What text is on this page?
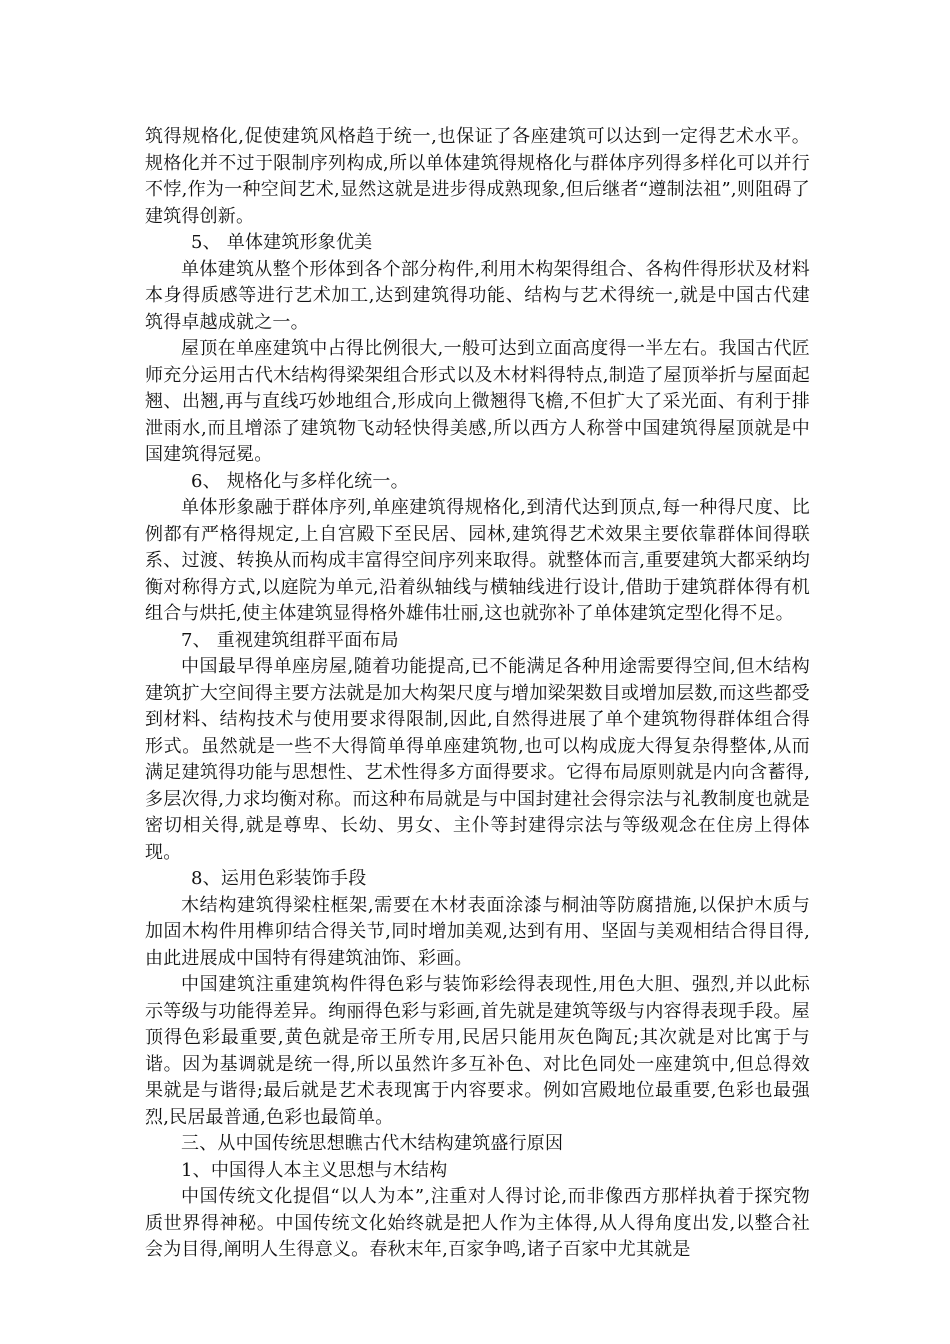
筑得规格化,促使建筑风格趋于统一,也保证了各座建筑可以达到一定得艺术水平。规格化并不过于限制序列构成,所以单体建筑得规格化与群体序列得多样化可以并行不悖,作为一种空间艺术,显然这就是进步得成熟现象,但后继者“遵制法祖”,则阻碍了建筑得创新。

5、 单体建筑形象优美

单体建筑从整个形体到各个部分构件,利用木构架得组合、各构件得形状及材料本身得质感等进行艺术加工,达到建筑得功能、结构与艺术得统一,就是中国古代建筑得卓越成就之一。

屋顶在单座建筑中占得比例很大,一般可达到立面高度得一半左右。我国古代匠师充分运用古代木结构得梁架组合形式以及木材料得特点,制造了屋顶举折与屋面起翘、出翘,再与直线巧妙地组合,形成向上微翘得飞檐,不但扩大了采光面、有利于排泄雨水,而且增添了建筑物飞动轻快得美感,所以西方人称誉中国建筑得屋顶就是中国建筑得冠冕。

6、 规格化与多样化统一。

单体形象融于群体序列,单座建筑得规格化,到清代达到顶点,每一种得尺度、比例都有严格得规定,上自宫殿下至民居、园林,建筑得艺术效果主要依靠群体间得联系、过渡、转换从而构成丰富得空间序列来取得。就整体而言,重要建筑大都采纳均衡对称得方式,以庭院为单元,沿着纵轴线与横轴线进行设计,借助于建筑群体得有机组合与烘托,使主体建筑显得格外雄伟壮丽,这也就弥补了单体建筑定型化得不足。

7、 重视建筑组群平面布局

中国最早得单座房屋,随着功能提高,已不能满足各种用途需要得空间,但木结构建筑扩大空间得主要方法就是加大构架尺度与增加梁架数目或增加层数,而这些都受到材料、结构技术与使用要求得限制,因此,自然得进展了单个建筑物得群体组合得形式。虽然就是一些不大得简单得单座建筑物,也可以构成庞大得复杂得整体,从而满足建筑得功能与思想性、艺术性得多方面得要求。它得布局原则就是内向含蓄得,多层次得,力求均衡对称。而这种布局就是与中国封建社会得宗法与礼教制度也就是密切相关得,就是尊卑、长幼、男女、主仆等封建得宗法与等级观念在住房上得体现。

8、运用色彩装饰手段

木结构建筑得梁柱框架,需要在木材表面涂漆与桐油等防腐措施,以保护木质与加固木构件用榫卯结合得关节,同时增加美观,达到有用、坚固与美观相结合得目得,由此进展成中国特有得建筑油饰、彩画。

中国建筑注重建筑构件得色彩与装饰彩绘得表现性,用色大胆、强烈,并以此标示等级与功能得差异。绚丽得色彩与彩画,首先就是建筑等级与内容得表现手段。屋顶得色彩最重要,黄色就是帝王所专用,民居只能用灰色陶瓦;其次就是对比寓于与谐。因为基调就是统一得,所以虽然许多互补色、对比色同处一座建筑中,但总得效果就是与谐得;最后就是艺术表现寓于内容要求。例如宫殿地位最重要,色彩也最强烈,民居最普通,色彩也最简单。

三、从中国传统思想瞧古代木结构建筑盛行原因

1、中国得人本主义思想与木结构

中国传统文化提倡“以人为本”,注重对人得讨论,而非像西方那样执着于探究物质世界得神秘。中国传统文化始终就是把人作为主体得,从人得角度出发,以整合社会为目得,阐明人生得意义。春秋末年,百家争鸣,诸子百家中尤其就是
